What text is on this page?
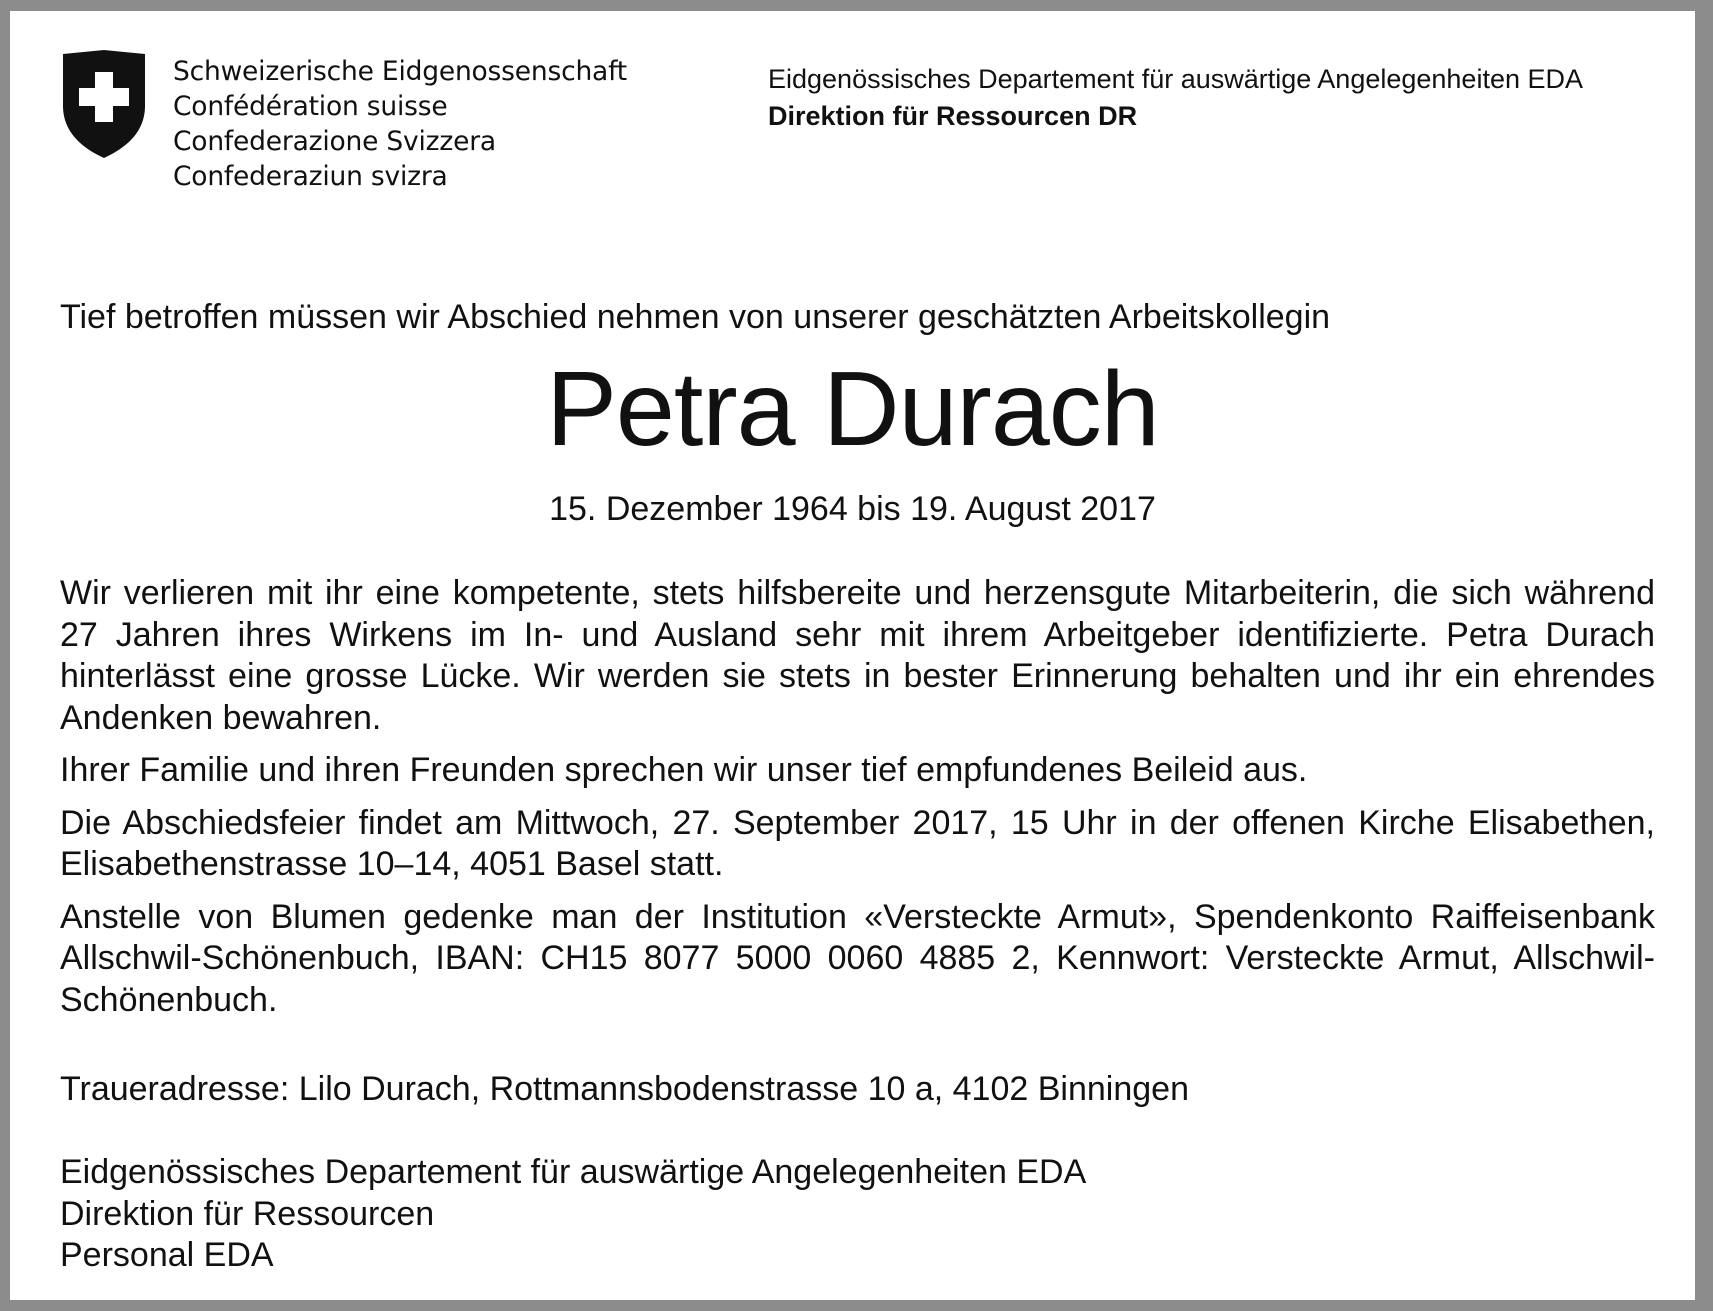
Schweizerische Eidgenossenschaft
Confédération suisse
Confederazione Svizzera
Confederaziun svizra
Eidgenössisches Departement für auswärtige Angelegenheiten EDA
Direktion für Ressourcen DR
Tief betroffen müssen wir Abschied nehmen von unserer geschätzten Arbeitskollegin
Petra Durach
15. Dezember 1964 bis 19. August 2017

Wir verlieren mit ihr eine kompetente, stets hilfsbereite und herzensgute Mitarbeiterin, die sich während 27 Jahren ihres Wirkens im In- und Ausland sehr mit ihrem Arbeitgeber identifizierte. Petra Durach hinterlässt eine grosse Lücke. Wir werden sie stets in bester Erinnerung behalten und ihr ein ehrendes Andenken bewahren.

Ihrer Familie und ihren Freunden sprechen wir unser tief empfundenes Beileid aus.

Die Abschiedsfeier findet am Mittwoch, 27. September 2017, 15 Uhr in der offenen Kirche Elisabethen, Elisabethenstrasse 10–14, 4051 Basel statt.

Anstelle von Blumen gedenke man der Institution «Versteckte Armut», Spendenkonto Raiffeisenbank Allschwil-Schönenbuch, IBAN: CH15 8077 5000 0060 4885 2, Kennwort: Versteckte Armut, Allschwil-Schönenbuch.

Traueradresse: Lilo Durach, Rottmannsbodenstrasse 10 a, 4102 Binningen
Eidgenössisches Departement für auswärtige Angelegenheiten EDA
Direktion für Ressourcen
Personal EDA
